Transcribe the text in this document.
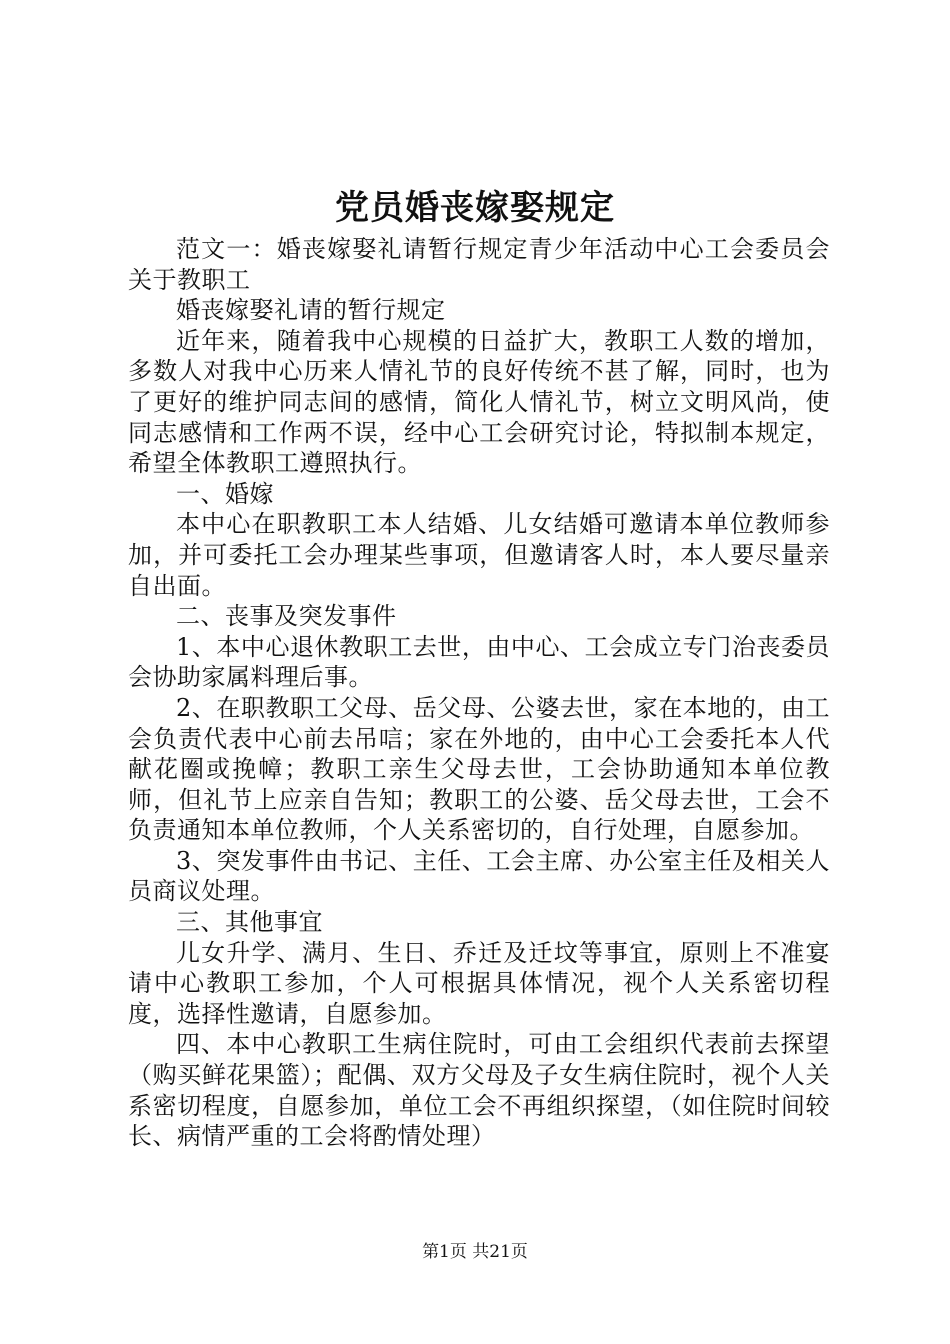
党员婚丧嫁娶规定

范文一：婚丧嫁娶礼请暂行规定青少年活动中心工会委员会关于教职工

婚丧嫁娶礼请的暂行规定

近年来，随着我中心规模的日益扩大，教职工人数的增加，多数人对我中心历来人情礼节的良好传统不甚了解，同时，也为了更好的维护同志间的感情，简化人情礼节，树立文明风尚，使同志感情和工作两不误，经中心工会研究讨论，特拟制本规定，希望全体教职工遵照执行。

一、婚嫁

本中心在职教职工本人结婚、儿女结婚可邀请本单位教师参加，并可委托工会办理某些事项，但邀请客人时，本人要尽量亲自出面。

二、丧事及突发事件

1、本中心退休教职工去世，由中心、工会成立专门治丧委员会协助家属料理后事。

2、在职教职工父母、岳父母、公婆去世，家在本地的，由工会负责代表中心前去吊唁；家在外地的，由中心工会委托本人代献花圈或挽幛；教职工亲生父母去世，工会协助通知本单位教师，但礼节上应亲自告知；教职工的公婆、岳父母去世，工会不负责通知本单位教师，个人关系密切的，自行处理，自愿参加。

3、突发事件由书记、主任、工会主席、办公室主任及相关人员商议处理。

三、其他事宜

儿女升学、满月、生日、乔迁及迁坟等事宜，原则上不准宴请中心教职工参加，个人可根据具体情况，视个人关系密切程度，选择性邀请，自愿参加。

四、本中心教职工生病住院时，可由工会组织代表前去探望（购买鲜花果篮）；配偶、双方父母及子女生病住院时，视个人关系密切程度，自愿参加，单位工会不再组织探望，（如住院时间较长、病情严重的工会将酌情处理）

第1页 共21页
